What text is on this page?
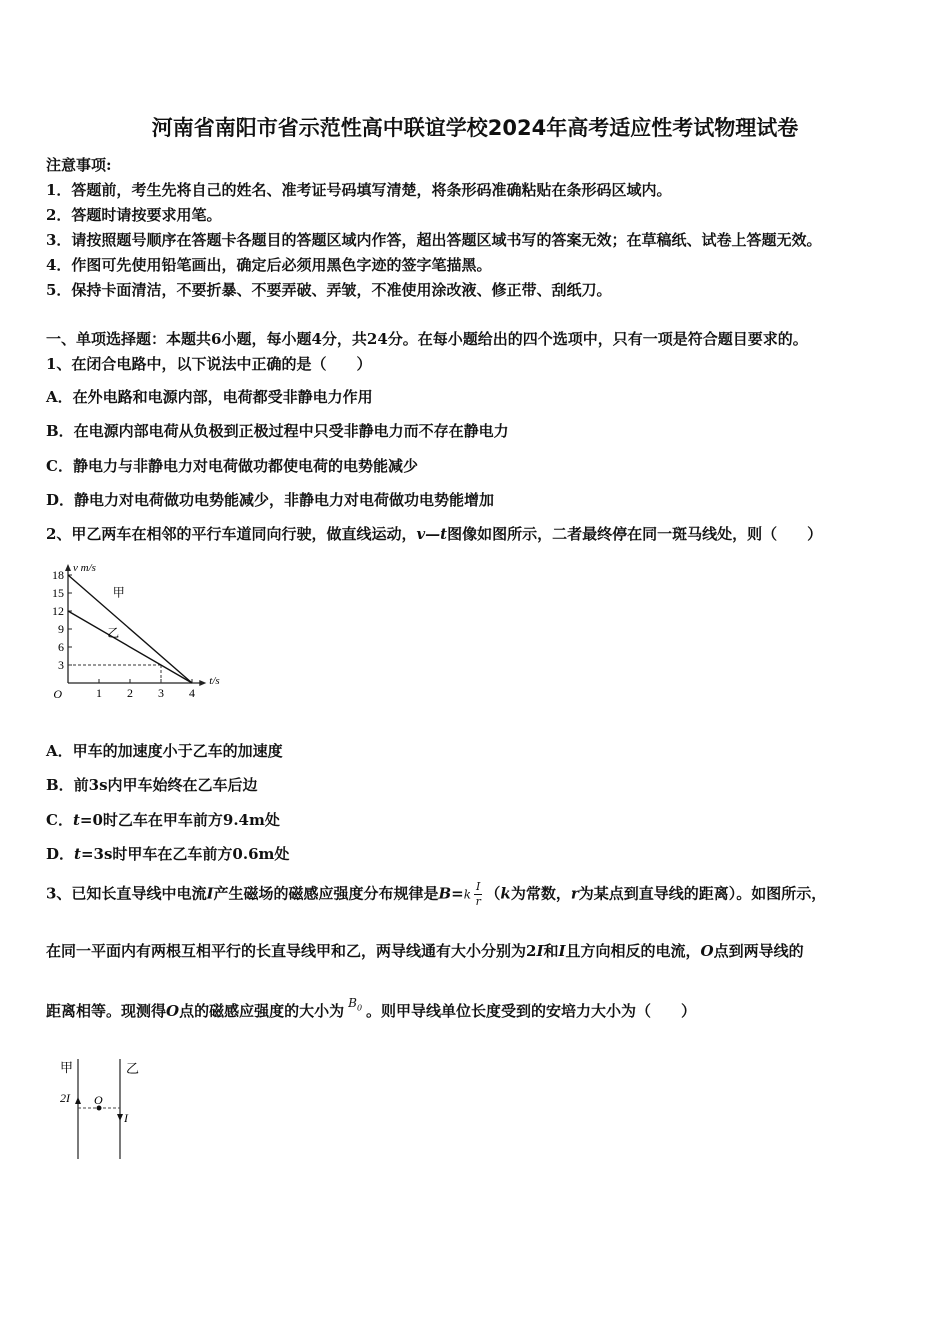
河南省南阳市省示范性高中联谊学校2024年高考适应性考试物理试卷
注意事项:
1．答题前，考生先将自己的姓名、准考证号码填写清楚，将条形码准确粘贴在条形码区域内。
2．答题时请按要求用笔。
3．请按照题号顺序在答题卡各题目的答题区域内作答，超出答题区域书写的答案无效；在草稿纸、试卷上答题无效。
4．作图可先使用铅笔画出，确定后必须用黑色字迹的签字笔描黑。
5．保持卡面清洁，不要折暴、不要弄破、弄皱，不准使用涂改液、修正带、刮纸刀。
一、单项选择题：本题共6小题，每小题4分，共24分。在每小题给出的四个选项中，只有一项是符合题目要求的。
1、在闭合电路中，以下说法中正确的是（　　）
A．在外电路和电源内部，电荷都受非静电力作用
B．在电源内部电荷从负极到正极过程中只受非静电力而不存在静电力
C．静电力与非静电力对电荷做功都使电荷的电势能减少
D．静电力对电荷做功电势能减少，非静电力对电荷做功电势能增加
2、甲乙两车在相邻的平行车道同向行驶，做直线运动，v—t图像如图所示，二者最终停在同一斑马线处，则（　　）
3
6
9
12
15
18
1 2 3 4
O
t/s
v m/s
甲
乙
A．甲车的加速度小于乙车的加速度
B．前3s内甲车始终在乙车后边
C．t=0时乙车在甲车前方9.4m处
D．t=3s时甲车在乙车前方0.6m处
3、已知长直导线中电流I产生磁场的磁感应强度分布规律是$B=k \frac{I}{r} (k$为常数，r为某点到直导线的距离）。如图所示，
在同一平面内有两根互相平行的长直导线甲和乙，两导线通有大小分别为2I和I且方向相反的电流，O点到两导线的
距离相等。现测得O点的磁感应强度的大小为 $B_0$ 。则甲导线单位长度受到的安培力大小为（　　）
甲	乙
2I O
I
